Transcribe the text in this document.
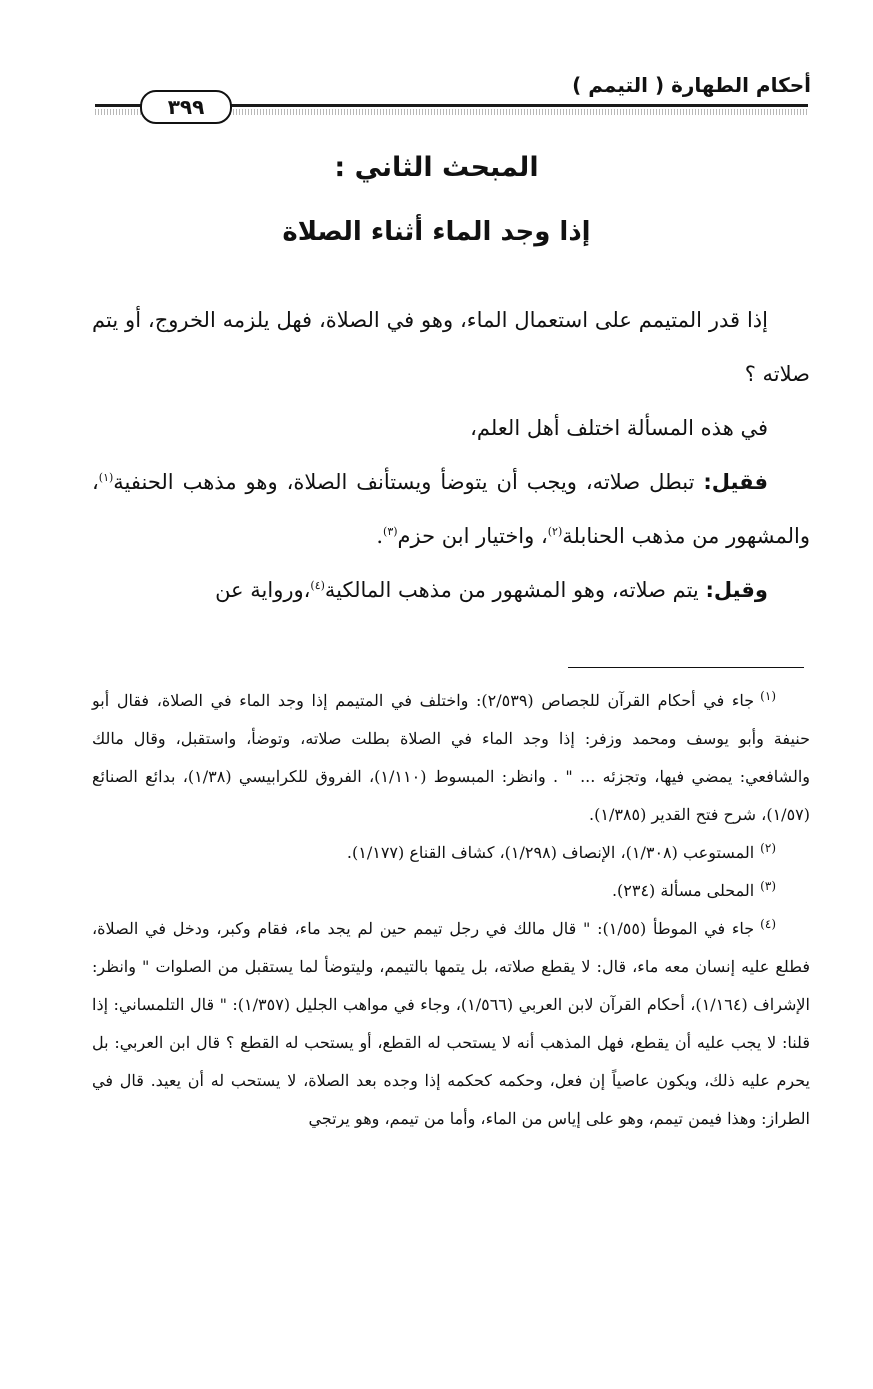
أحكام الطهارة ( التيمم )
٣٩٩
المبحث الثاني :
إذا وجد الماء أثناء الصلاة

إذا قدر المتيمم على استعمال الماء، وهو في الصلاة، فهل يلزمه الخروج، أو يتم صلاته ؟

في هذه المسألة اختلف أهل العلم،

فقيل: تبطل صلاته، ويجب أن يتوضأ ويستأنف الصلاة، وهو مذهب الحنفية$^{(١)}$، والمشهور من مذهب الحنابلة$^{(٢)}$، واختيار ابن حزم$^{(٣)}$.

وقيل: يتم صلاته، وهو المشهور من مذهب المالكية$^{(٤)}$،ورواية عن

$^{(١)}$جاء في أحكام القرآن للجصاص (٢/٥٣٩): واختلف في المتيمم إذا وجد الماء في الصلاة، فقال أبو حنيفة وأبو يوسف ومحمد وزفر: إذا وجد الماء في الصلاة بطلت صلاته، وتوضأ، واستقبل، وقال مالك والشافعي: يمضي فيها، وتجزئه ... " . وانظر: المبسوط (١/١١٠)، الفروق للكرابيسي (١/٣٨)، بدائع الصنائع (١/٥٧)، شرح فتح القدير (١/٣٨٥).

$^{(٢)}$المستوعب (١/٣٠٨)، الإنصاف (١/٢٩٨)، كشاف القناع (١/١٧٧).

$^{(٣)}$المحلى مسألة (٢٣٤).

$^{(٤)}$جاء في الموطأ (١/٥٥): " قال مالك في رجل تيمم حين لم يجد ماء، فقام وكبر، ودخل في الصلاة، فطلع عليه إنسان معه ماء، قال: لا يقطع صلاته، بل يتمها بالتيمم، وليتوضأ لما يستقبل من الصلوات " وانظر: الإشراف (١/١٦٤)، أحكام القرآن لابن العربي (١/٥٦٦)، وجاء في مواهب الجليل (١/٣٥٧): " قال التلمساني: إذا قلنا: لا يجب عليه أن يقطع، فهل المذهب أنه لا يستحب له القطع، أو يستحب له القطع ؟ قال ابن العربي: بل يحرم عليه ذلك، ويكون عاصياً إن فعل، وحكمه كحكمه إذا وجده بعد الصلاة، لا يستحب له أن يعيد. قال في الطراز: وهذا فيمن تيمم، وهو على إياس من الماء، وأما من تيمم، وهو يرتجي
